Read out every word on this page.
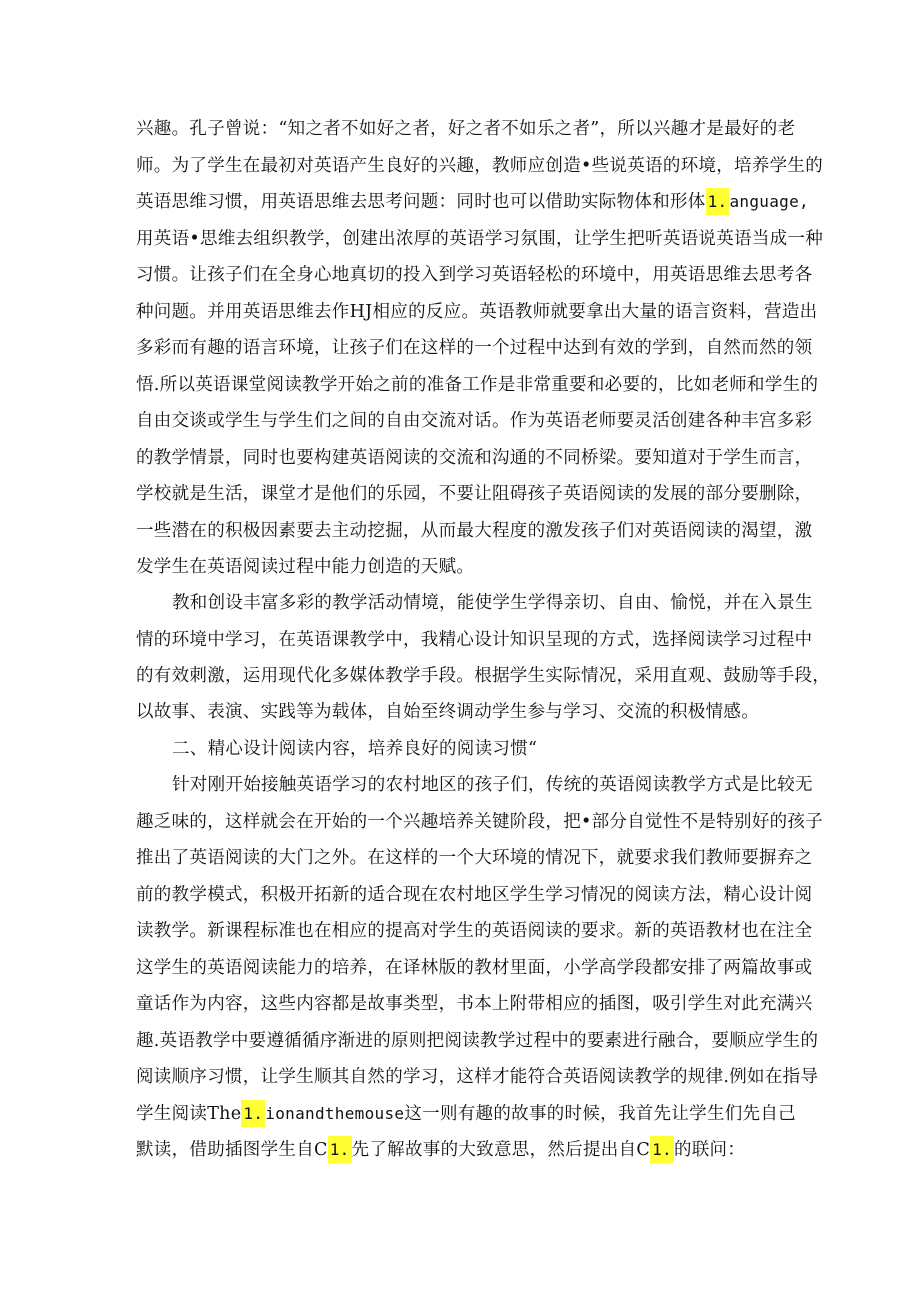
兴趣。孔子曾说：“知之者不如好之者，好之者不如乐之者”，所以兴趣才是最好的老
师。为了学生在最初对英语产生良好的兴趣，教师应创造•些说英语的环境，培养学生的
英语思维习惯，用英语思维去思考问题：同时也可以借助实际物体和形体 1. anguage,
用英语•思维去组织教学，创建出浓厚的英语学习氛围，让学生把听英语说英语当成一种
习惯。让孩子们在全身心地真切的投入到学习英语轻松的环境中，用英语思维去思考各
种问题。并用英语思维去作HJ相应的反应。英语教师就要拿出大量的语言资料，营造出
多彩而有趣的语言环境，让孩子们在这样的一个过程中达到有效的学到，自然而然的领
悟.所以英语课堂阅读教学开始之前的准备工作是非常重要和必要的，比如老师和学生的
自由交谈或学生与学生们之间的自由交流对话。作为英语老师要灵活创建各种丰宫多彩
的教学情景，同时也要构建英语阅读的交流和沟通的不同桥梁。要知道对于学生而言，
学校就是生活，课堂才是他们的乐园，不要让阻碍孩子英语阅读的发展的部分要删除，
一些潜在的积极因素要去主动挖掘，从而最大程度的激发孩子们对英语阅读的渴望，激
发学生在英语阅读过程中能力创造的天赋。
教和创设丰富多彩的教学活动情境，能使学生学得亲切、自由、愉悦，并在入景生
情的环境中学习，在英语课教学中，我精心设计知识呈现的方式，选择阅读学习过程中
的有效刺激，运用现代化多媒体教学手段。根据学生实际情况，采用直观、鼓励等手段，
以故事、表演、实践等为载体，自始至终调动学生参与学习、交流的积极情感。
二、精心设计阅读内容，培养良好的阅读习惯“
针对刚开始接触英语学习的农村地区的孩子们，传统的英语阅读教学方式是比较无
趣乏味的，这样就会在开始的一个兴趣培养关键阶段，把•部分自觉性不是特别好的孩子
推出了英语阅读的大门之外。在这样的一个大环境的情况下，就要求我们教师要摒弃之
前的教学模式，积极开拓新的适合现在农村地区学生学习情况的阅读方法，精心设计阅
读教学。新课程标准也在相应的提高对学生的英语阅读的要求。新的英语教材也在注全
这学生的英语阅读能力的培养，在译林版的教材里面，小学高学段都安排了两篇故事或
童话作为内容，这些内容都是故事类型，书本上附带相应的插图，吸引学生对此充满兴
趣.英语教学中要遵循循序渐进的原则把阅读教学过程中的要素进行融合，要顺应学生的
阅读顺序习惯，让学生顺其自然的学习，这样才能符合英语阅读教学的规律.例如在指导
学生阅读The 1. ionandthemouse这一则有趣的故事的时候，我首先让学生们先自己
默读，借助插图学生自C 1. 先了解故事的大致意思，然后提出自C 1. 的联问：
